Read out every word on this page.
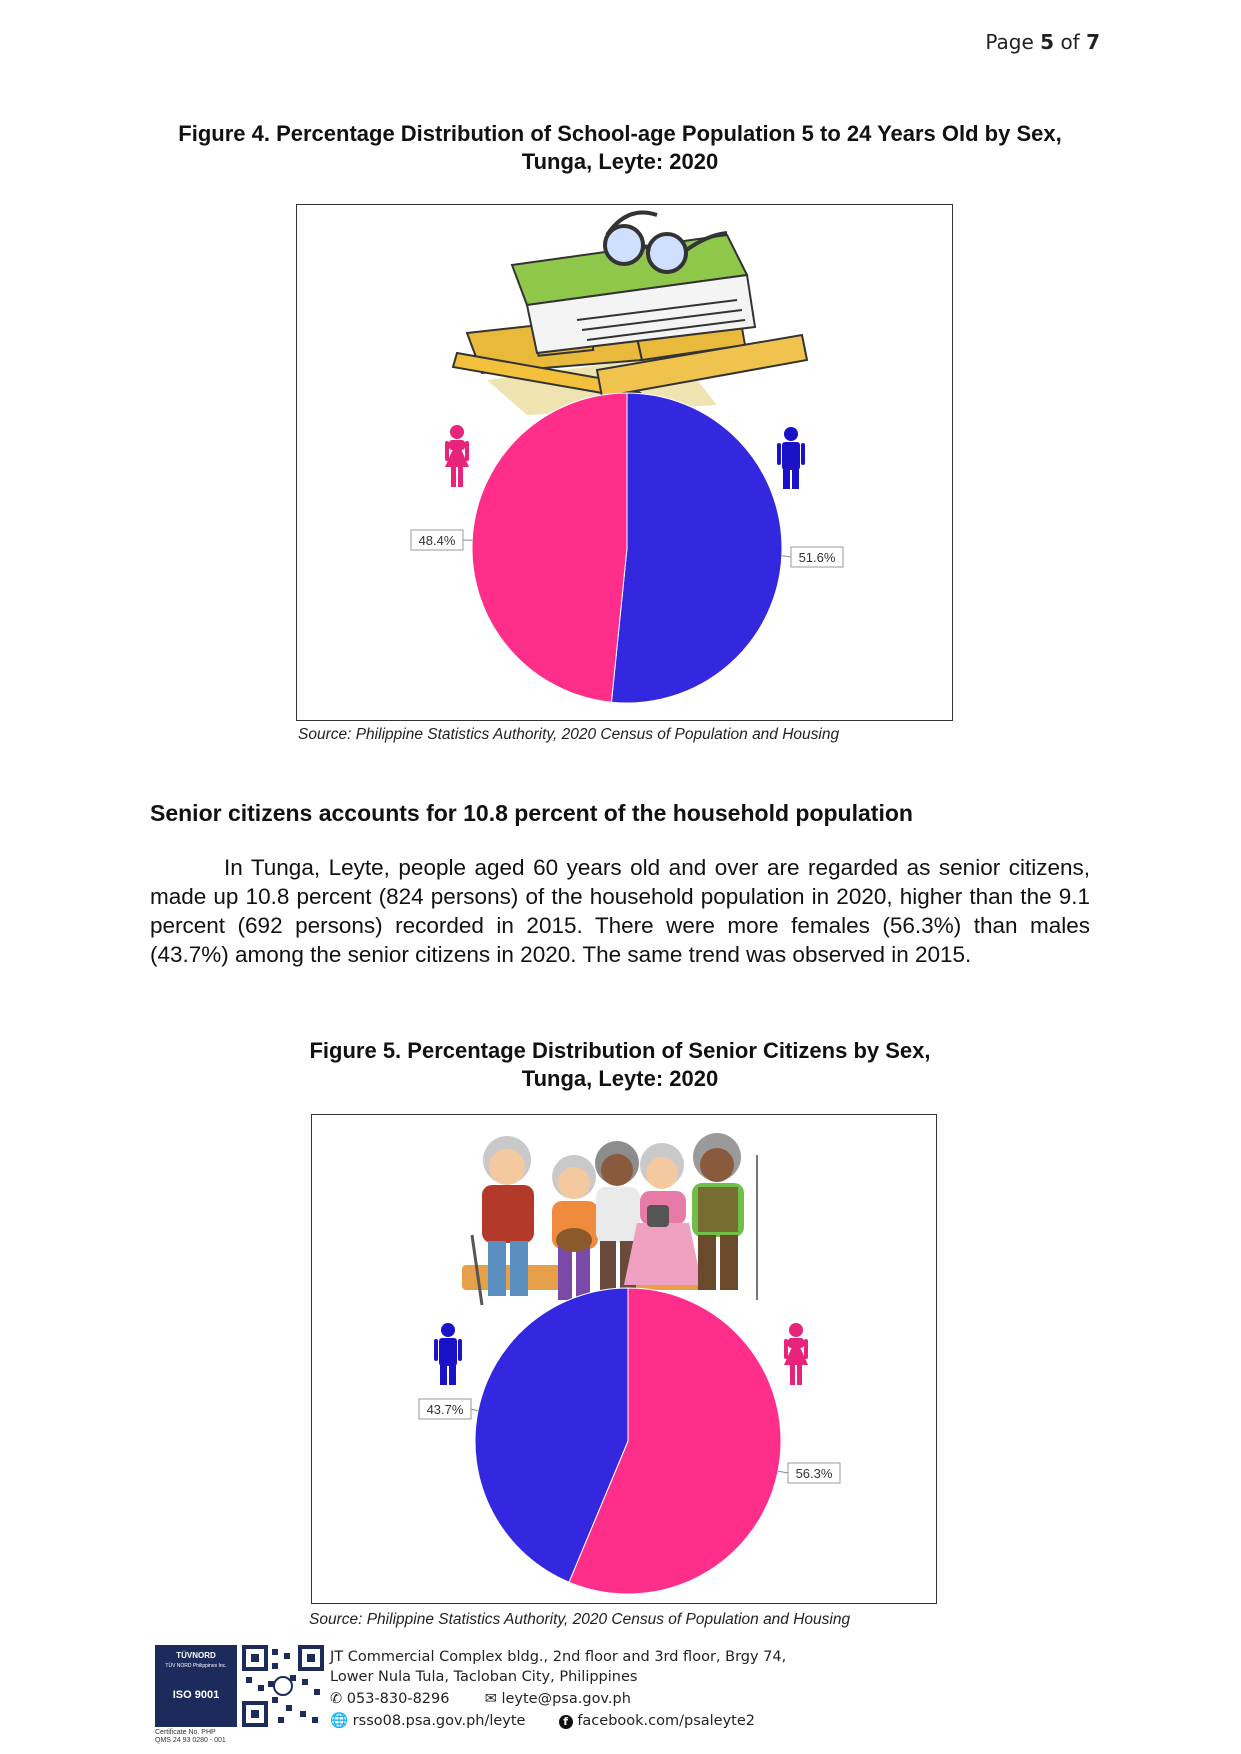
Page 5 of 7
Figure 4. Percentage Distribution of School-age Population 5 to 24 Years Old by Sex,
Tunga, Leyte: 2020
51.6%
48.4%
Source: Philippine Statistics Authority, 2020 Census of Population and Housing
Senior citizens accounts for 10.8 percent of the household population
In Tunga, Leyte, people aged 60 years old and over are regarded as senior citizens, made up 10.8 percent (824 persons) of the household population in 2020, higher than the 9.1 percent (692 persons) recorded in 2015. There were more females (56.3%) than males (43.7%) among the senior citizens in 2020. The same trend was observed in 2015.
Figure 5. Percentage Distribution of Senior Citizens by Sex,
Tunga, Leyte: 2020
56.3%
43.7%
Source: Philippine Statistics Authority, 2020 Census of Population and Housing
TÜVNORD
TÜV NORD Philippines Inc.
ISO 9001
Certificate No. PHP
QMS 24 93 0280 - 001
JT Commercial Complex bldg., 2nd floor and 3rd floor, Brgy 74,
Lower Nula Tula, Tacloban City, Philippines
✆ 053-830-8296 ✉ leyte@psa.gov.ph
🌐 rsso08.psa.gov.ph/leyte	f facebook.com/psaleyte2
